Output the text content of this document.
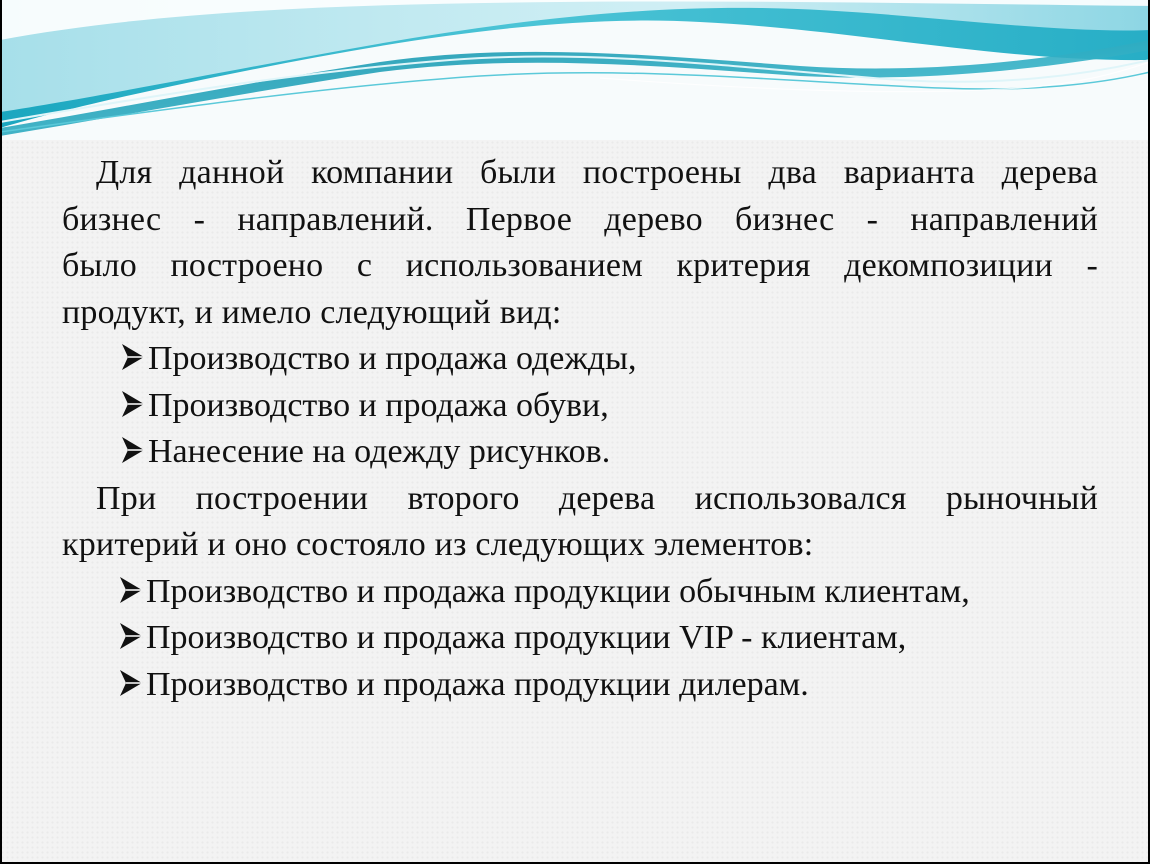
Для данной компании были построены два варианта дерева
бизнес - направлений. Первое дерево бизнес - направлений
было построено с использованием критерия декомпозиции -
продукт, и имело следующий вид:

Производство и продажа одежды,
Производство и продажа обуви,
Нанесение на одежду рисунков.

При построении второго дерева использовался рыночный
критерий и оно состояло из следующих элементов:

Производство и продажа продукции обычным клиентам,
Производство и продажа продукции VIP - клиентам,
Производство и продажа продукции дилерам.
